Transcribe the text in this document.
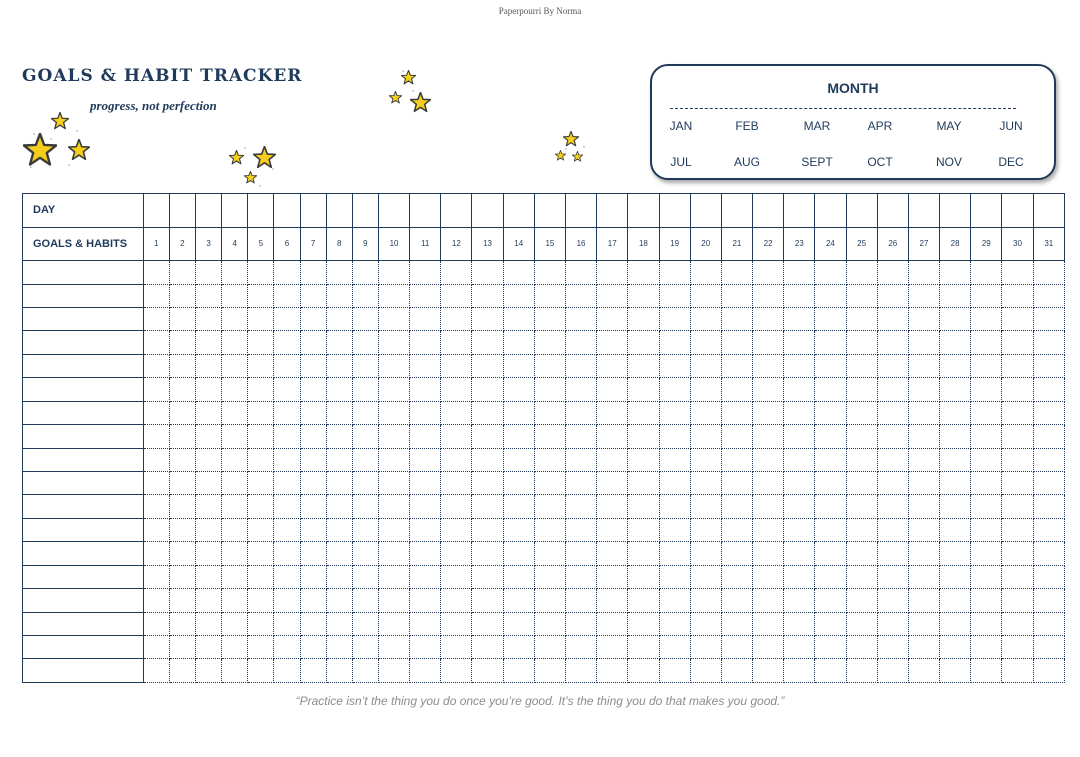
Paperpourri By Norma
GOALS & HABIT TRACKER
progress, not perfection
MONTH
JAN	FEB	MAR	APR	MAY	JUN
JUL	AUG	SEPT	OCT	NOV	DEC
DAY																															
GOALS & HABITS	1	2	3	4	5	6	7	8	9	10	11	12	13	14	15	16	17	18	19	20	21	22	23	24	25	26	27	28	29	30	31

“Practice isn’t the thing you do once you’re good. It’s the thing you do that makes you good.”
